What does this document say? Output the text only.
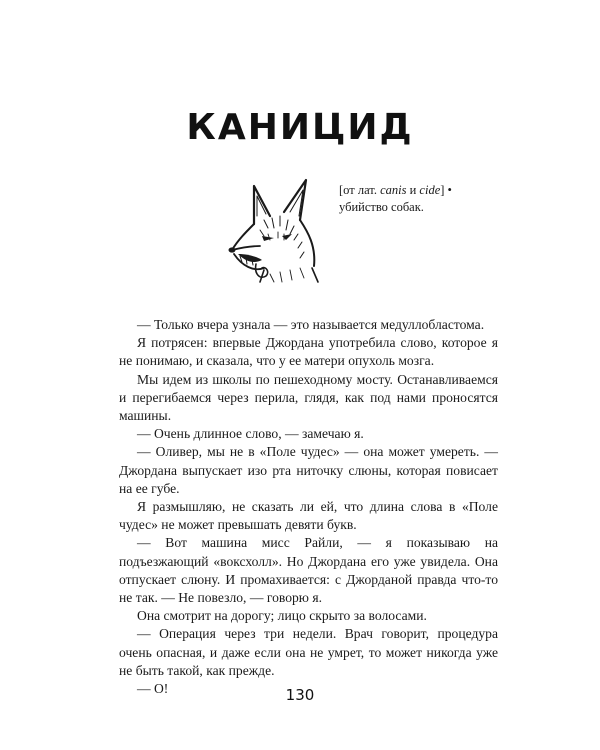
КАНИЦИД
[от лат. canis и cide] • убийство собак.

— Только вчера узнала — это называется медуллобластома.

Я потрясен: впервые Джордана употребила слово, которое я не понимаю, и сказала, что у ее матери опухоль мозга.

Мы идем из школы по пешеходному мосту. Останавливаемся и перегибаемся через перила, глядя, как под нами проносятся машины.

— Очень длинное слово, — замечаю я.

— Оливер, мы не в «Поле чудес» — она может умереть. — Джордана выпускает изо рта ниточку слюны, которая повисает на ее губе.

Я размышляю, не сказать ли ей, что длина слова в «Поле чудес» не может превышать девяти букв.

— Вот машина мисс Райли, — я показываю на подъезжающий «воксхолл». Но Джордана его уже увидела. Она отпускает слюну. И промахивается: с Джорданой правда что-то не так. — Не повезло, — говорю я.

Она смотрит на дорогу; лицо скрыто за волосами.

— Операция через три недели. Врач говорит, процедура очень опасная, и даже если она не умрет, то может никогда уже не быть такой, как прежде.

— О!	130
